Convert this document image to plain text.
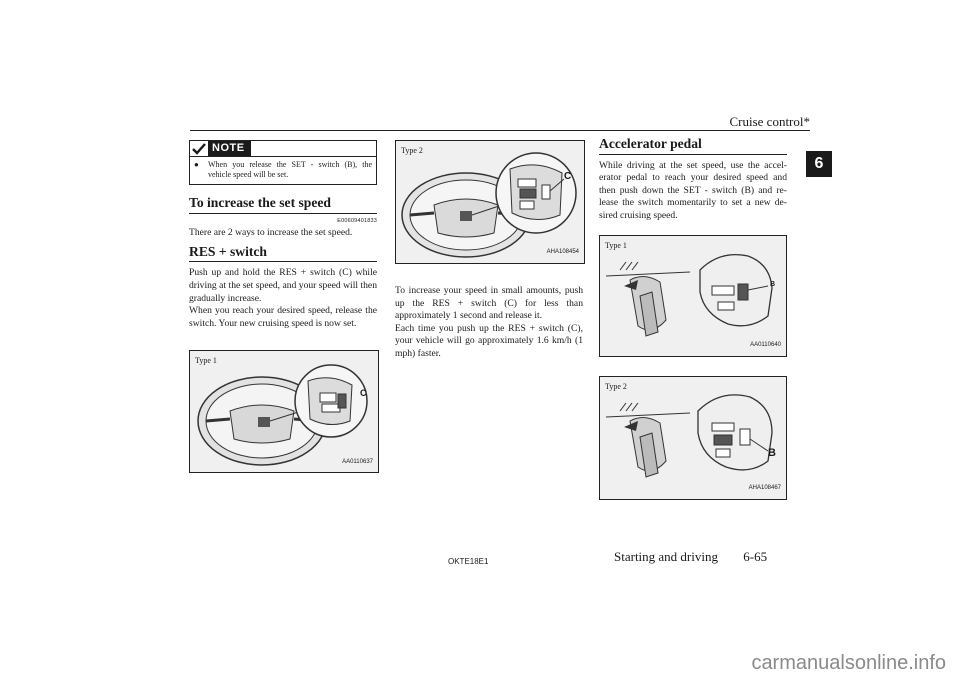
Cruise control*
6
NOTE
●	When you release the SET - switch (B), the vehicle speed will be set.
To increase the set speed
E00609401833

There are 2 ways to increase the set speed.

RES + switch

Push up and hold the RES + switch (C) while driving at the set speed, and your speed will then gradually increase.

When you reach your desired speed, release the switch. Your new cruising speed is now set.

Type 1
C
AA0110637
Type 2
C
AHA108454

To increase your speed in small amounts, push up the RES + switch (C) for less than approximately 1 second and release it.

Each time you push up the RES + switch (C), your vehicle will go approximately 1.6 km/h (1 mph) faster.

Accelerator pedal

While driving at the set speed, use the accel-erator pedal to reach your desired speed and then push down the SET - switch (B) and re-lease the switch momentarily to set a new de-sired cruising speed.

Type 1
B
AA0110640
Type 2
B
AHA108467
OKTE18E1	Starting and driving 6-65
carmanualsonline.info
